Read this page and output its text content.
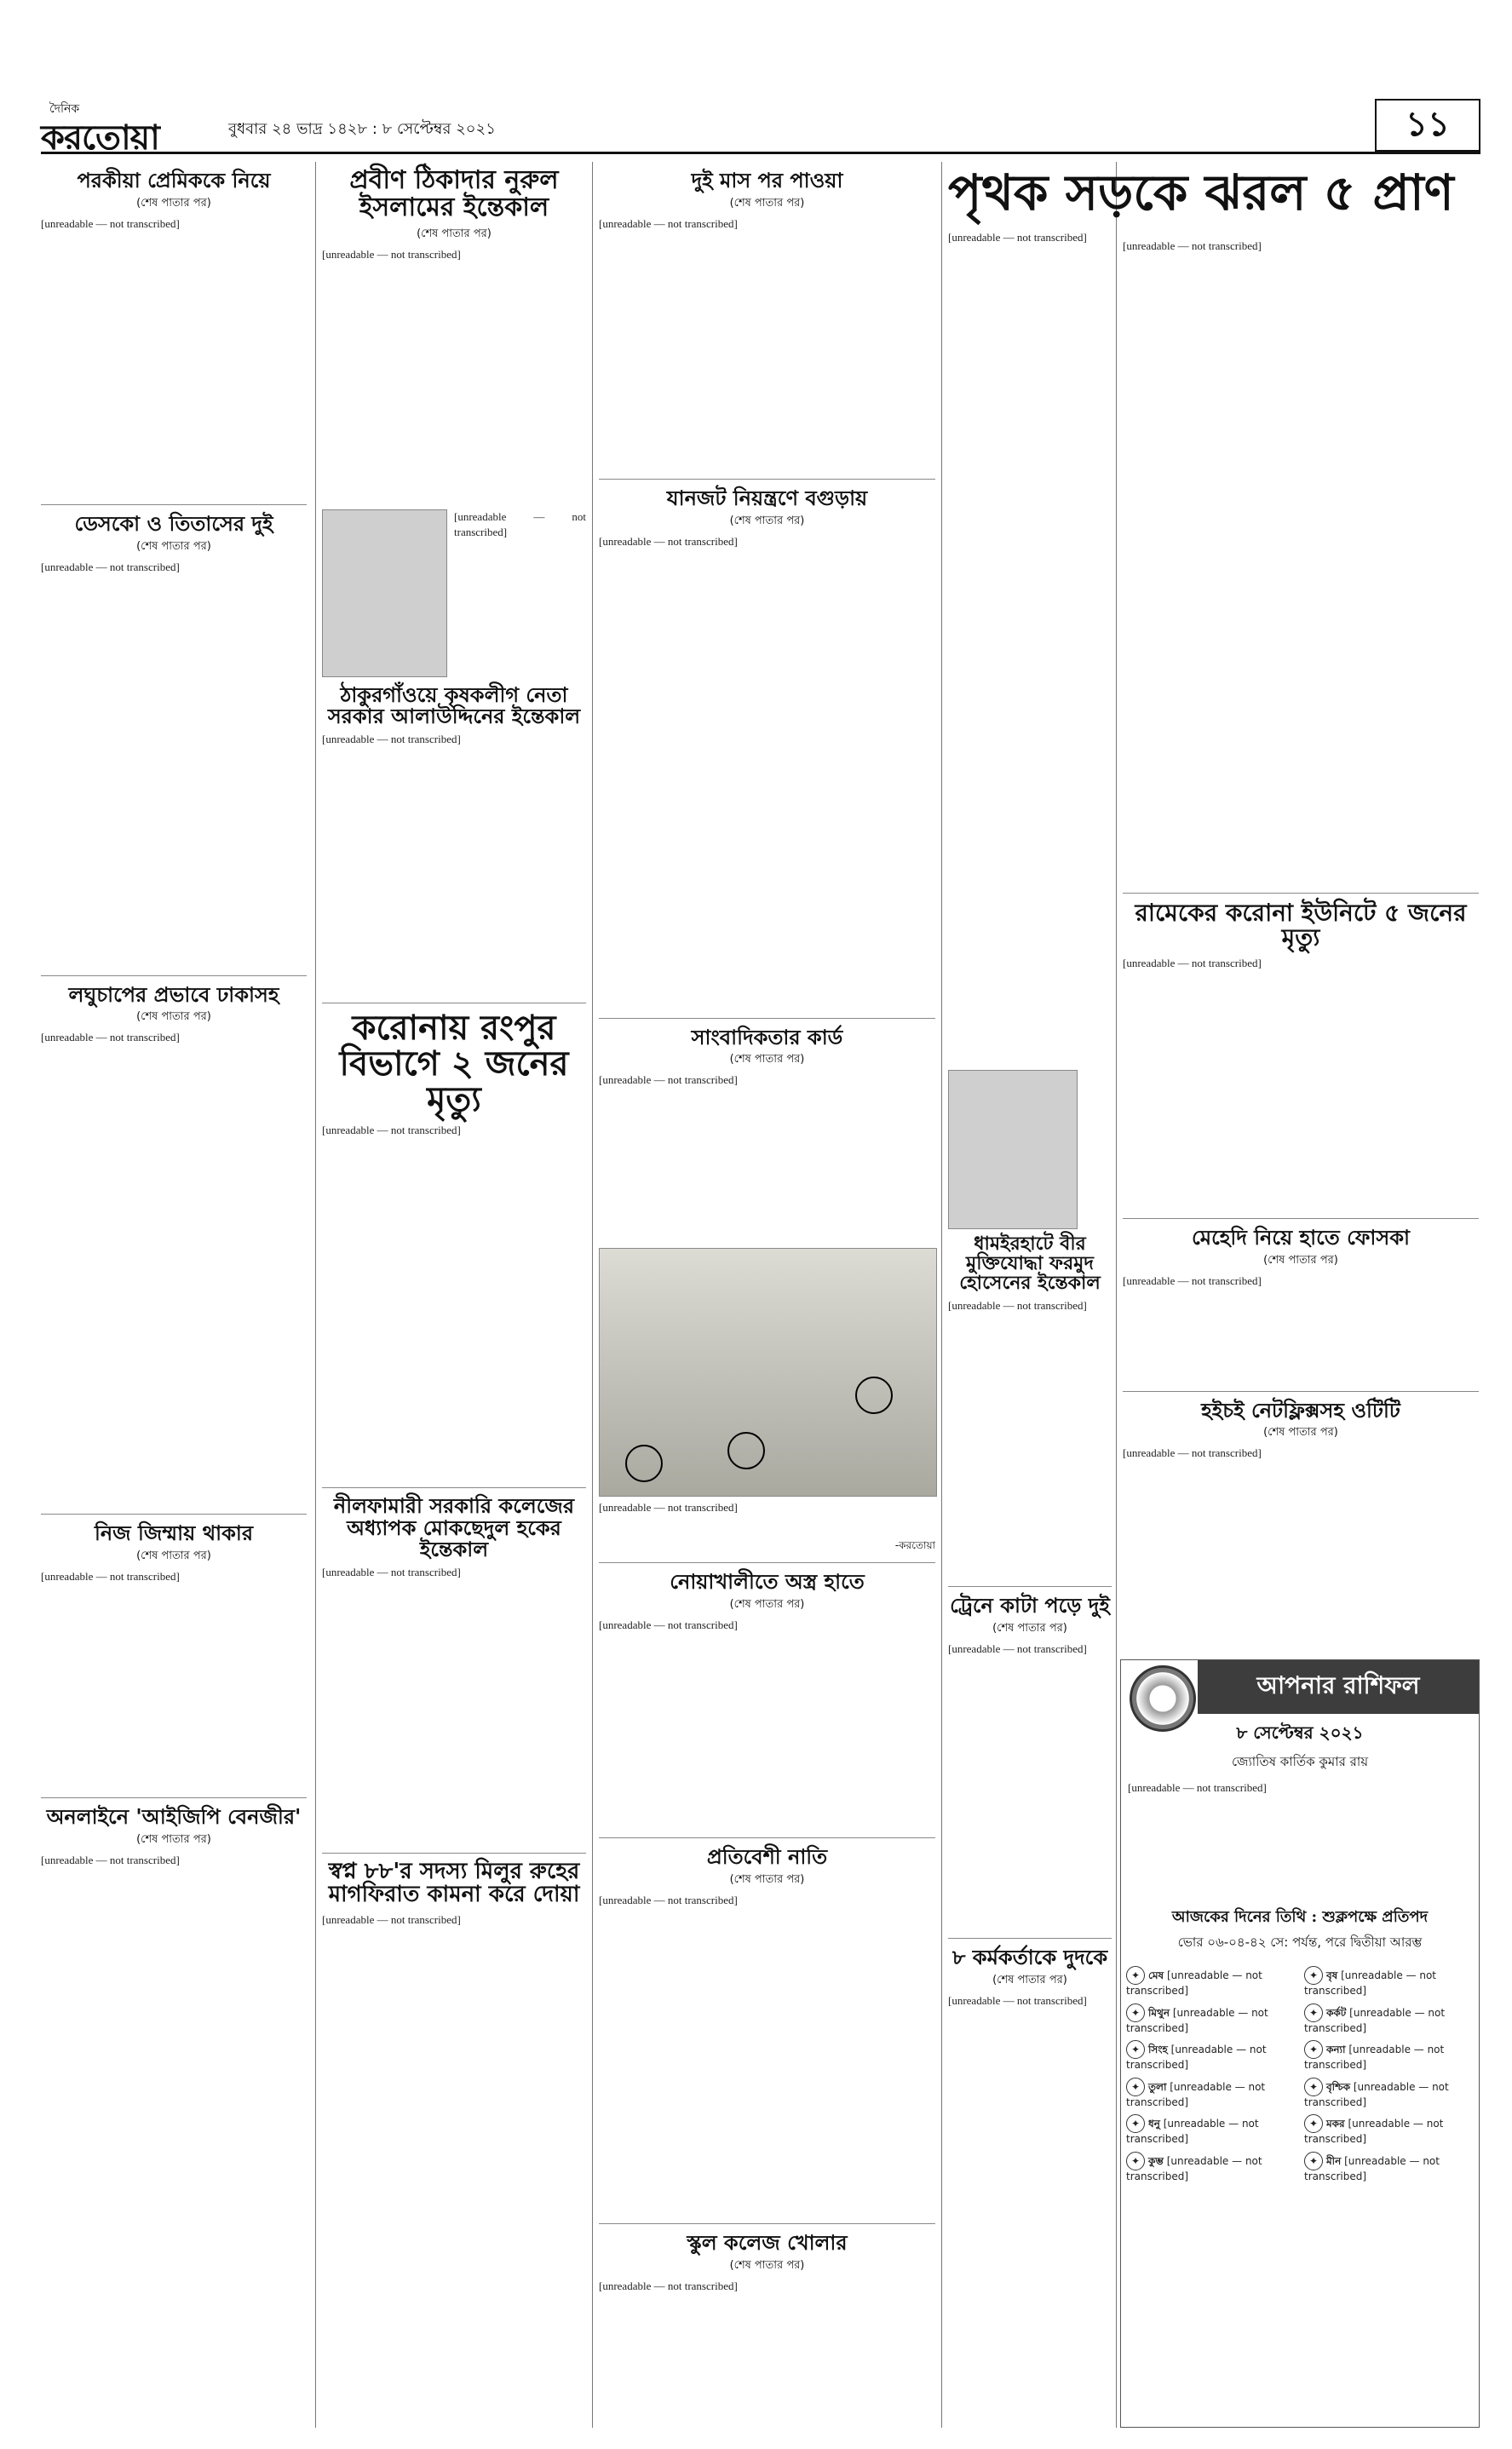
দৈনিক
করতোয়া	বুধবার ২৪ ভাদ্র ১৪২৮ : ৮ সেপ্টেম্বর ২০২১	১১
পরকীয়া প্রেমিককে নিয়ে
(শেষ পাতার পর)

[unreadable — not transcribed]

ডেসকো ও তিতাসের দুই
(শেষ পাতার পর)

[unreadable — not transcribed]

লঘুচাপের প্রভাবে ঢাকাসহ
(শেষ পাতার পর)

[unreadable — not transcribed]

নিজ জিম্মায় থাকার
(শেষ পাতার পর)

[unreadable — not transcribed]

অনলাইনে 'আইজিপি বেনজীর'
(শেষ পাতার পর)

[unreadable — not transcribed]

প্রবীণ ঠিকাদার নুরুল ইসলামের ইন্তেকাল
(শেষ পাতার পর)

[unreadable — not transcribed]

[unreadable — not transcribed]

ঠাকুরগাঁওয়ে কৃষকলীগ নেতা সরকার আলাউদ্দিনের ইন্তেকাল

[unreadable — not transcribed]

করোনায় রংপুর বিভাগে ২ জনের মৃত্যু

[unreadable — not transcribed]

নীলফামারী সরকারি কলেজের অধ্যাপক মোকছেদুল হকের ইন্তেকাল

[unreadable — not transcribed]

স্বপ্ন ৮৮'র সদস্য মিলুর রুহের মাগফিরাত কামনা করে দোয়া

[unreadable — not transcribed]

দুই মাস পর পাওয়া
(শেষ পাতার পর)

[unreadable — not transcribed]

যানজট নিয়ন্ত্রণে বগুড়ায়
(শেষ পাতার পর)

[unreadable — not transcribed]

সাংবাদিকতার কার্ড
(শেষ পাতার পর)

[unreadable — not transcribed]

[unreadable — not transcribed]

-করতোয়া
নোয়াখালীতে অস্ত্র হাতে
(শেষ পাতার পর)

[unreadable — not transcribed]

প্রতিবেশী নাতি
(শেষ পাতার পর)

[unreadable — not transcribed]

স্কুল কলেজ খোলার
(শেষ পাতার পর)

[unreadable — not transcribed]

পৃথক সড়কে ঝরল ৫ প্রাণ

[unreadable — not transcribed]

ধামইরহাটে বীর মুক্তিযোদ্ধা ফরমুদ হোসেনের ইন্তেকাল

[unreadable — not transcribed]

ট্রেনে কাটা পড়ে দুই
(শেষ পাতার পর)

[unreadable — not transcribed]

৮ কর্মকর্তাকে দুদকে
(শেষ পাতার পর)

[unreadable — not transcribed]

[unreadable — not transcribed]

রামেকের করোনা ইউনিটে ৫ জনের মৃত্যু

[unreadable — not transcribed]

মেহেদি নিয়ে হাতে ফোসকা
(শেষ পাতার পর)

[unreadable — not transcribed]

হইচই নেটফ্লিক্সসহ ওটিটি
(শেষ পাতার পর)

[unreadable — not transcribed]

আপনার রাশিফল
৮ সেপ্টেম্বর ২০২১
জ্যোতিষ কার্তিক কুমার রায়

[unreadable — not transcribed]

আজকের দিনের তিথি : শুক্লপক্ষে প্রতিপদ
ভোর ০৬-০৪-৪২ সে: পর্যন্ত, পরে দ্বিতীয়া আরম্ভ
✦ মেষ [unreadable — not transcribed]
✦ বৃষ [unreadable — not transcribed]
✦ মিথুন [unreadable — not transcribed]
✦ কর্কট [unreadable — not transcribed]
✦ সিংহ [unreadable — not transcribed]
✦ কন্যা [unreadable — not transcribed]
✦ তুলা [unreadable — not transcribed]
✦ বৃশ্চিক [unreadable — not transcribed]
✦ ধনু [unreadable — not transcribed]
✦ মকর [unreadable — not transcribed]
✦ কুম্ভ [unreadable — not transcribed]
✦ মীন [unreadable — not transcribed]
